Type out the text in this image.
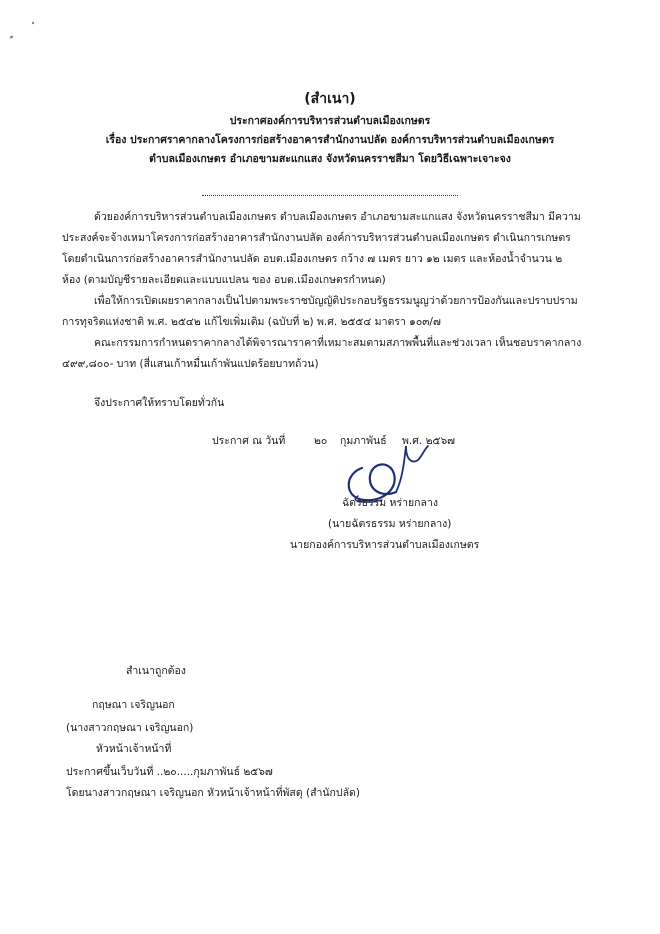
(สำเนา)
ประกาศองค์การบริหารส่วนตำบลเมืองเกษตร
เรื่อง ประกาศราคากลางโครงการก่อสร้างอาคารสำนักงานปลัด องค์การบริหารส่วนตำบลเมืองเกษตร
ตำบลเมืองเกษตร อำเภอขามสะแกแสง จังหวัดนครราชสีมา โดยวิธีเฉพาะเจาะจง
ด้วยองค์การบริหารส่วนตำบลเมืองเกษตร ตำบลเมืองเกษตร อำเภอขามสะแกแสง จังหวัดนครราชสีมา มีความ
ประสงค์จะจ้างเหมาโครงการก่อสร้างอาคารสำนักงานปลัด องค์การบริหารส่วนตำบลเมืองเกษตร ดำเนินการเกษตร
โดยดำเนินการก่อสร้างอาคารสำนักงานปลัด อบต.เมืองเกษตร กว้าง ๗ เมตร ยาว ๑๒ เมตร และห้องน้ำจำนวน ๒
ห้อง (ตามบัญชีรายละเอียดและแบบแปลน ของ อบต.เมืองเกษตรกำหนด)
เพื่อให้การเปิดเผยราคากลางเป็นไปตามพระราชบัญญัติประกอบรัฐธรรมนูญว่าด้วยการป้องกันและปราบปราม
การทุจริตแห่งชาติ พ.ศ. ๒๕๔๒ แก้ไขเพิ่มเติม (ฉบับที่ ๒) พ.ศ. ๒๕๕๔ มาตรา ๑๐๓/๗
คณะกรรมการกำหนดราคากลางได้พิจารณาราคาที่เหมาะสมตามสภาพพื้นที่และช่วงเวลา เห็นชอบราคากลาง
๔๙๙,๘๐๐- บาท (สี่แสนเก้าหมื่นเก้าพันแปดร้อยบาทถ้วน)
จึงประกาศให้ทราบโดยทั่วกัน
ประกาศ ณ วันที่	๒๐ กุมภาพันธ์ พ.ศ. ๒๕๖๗
ฉัตรธรรม หร่ายกลาง
(นายฉัตรธรรม หร่ายกลาง)
นายกองค์การบริหารส่วนตำบลเมืองเกษตร
สำเนาถูกต้อง
กฤษณา เจริญนอก
(นางสาวกฤษณา เจริญนอก)
หัวหน้าเจ้าหน้าที่
ประกาศขึ้นเว็บวันที่ ..๒๐.....กุมภาพันธ์ ๒๕๖๗
โดยนางสาวกฤษณา เจริญนอก หัวหน้าเจ้าหน้าที่พัสดุ (สำนักปลัด)
